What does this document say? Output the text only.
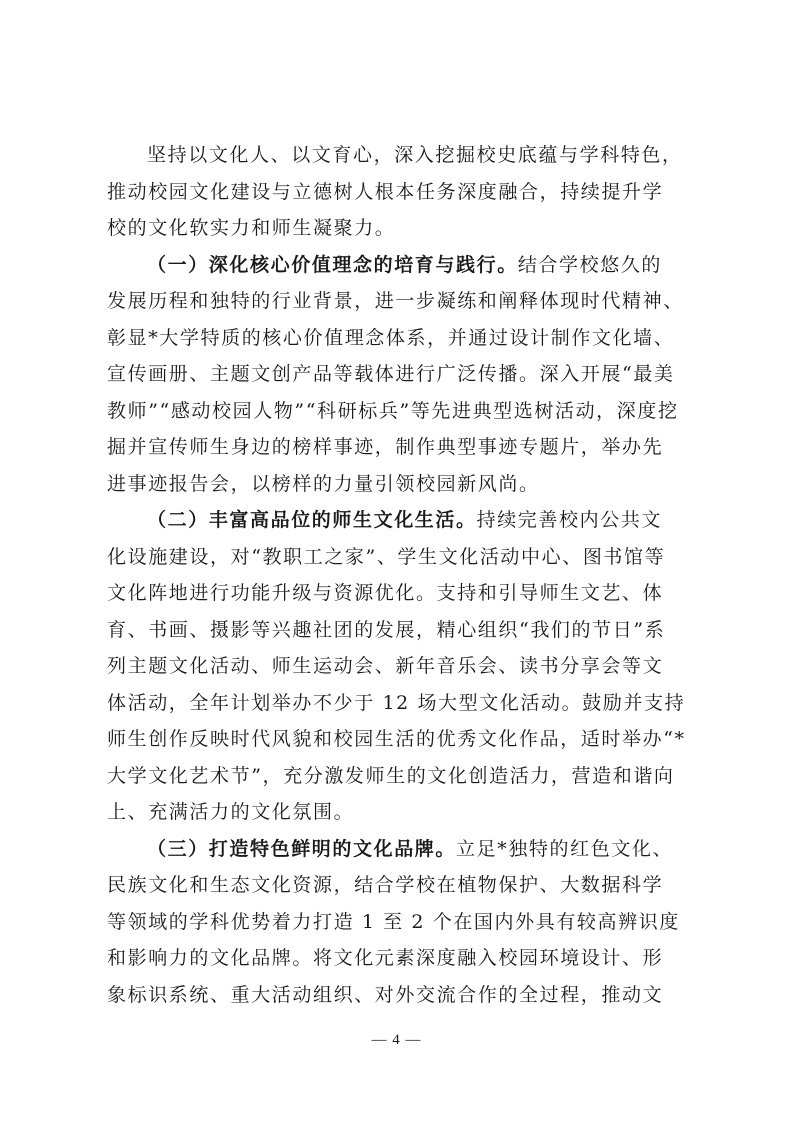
坚持以文化人、以文育心，深入挖掘校史底蕴与学科特色，
推动校园文化建设与立德树人根本任务深度融合，持续提升学
校的文化软实力和师生凝聚力。
（一）深化核心价值理念的培育与践行。结合学校悠久的
发展历程和独特的行业背景，进一步凝练和阐释体现时代精神、
彰显*大学特质的核心价值理念体系，并通过设计制作文化墙、
宣传画册、主题文创产品等载体进行广泛传播。深入开展“最美
教师”“感动校园人物”“科研标兵”等先进典型选树活动，深度挖
掘并宣传师生身边的榜样事迹，制作典型事迹专题片，举办先
进事迹报告会，以榜样的力量引领校园新风尚。
（二）丰富高品位的师生文化生活。持续完善校内公共文
化设施建设，对“教职工之家”、学生文化活动中心、图书馆等
文化阵地进行功能升级与资源优化。支持和引导师生文艺、体
育、书画、摄影等兴趣社团的发展，精心组织“我们的节日”系
列主题文化活动、师生运动会、新年音乐会、读书分享会等文
体活动，全年计划举办不少于 12 场大型文化活动。鼓励并支持
师生创作反映时代风貌和校园生活的优秀文化作品，适时举办“*
大学文化艺术节”，充分激发师生的文化创造活力，营造和谐向
上、充满活力的文化氛围。
（三）打造特色鲜明的文化品牌。立足*独特的红色文化、
民族文化和生态文化资源，结合学校在植物保护、大数据科学
等领域的学科优势着力打造 1 至 2 个在国内外具有较高辨识度
和影响力的文化品牌。将文化元素深度融入校园环境设计、形
象标识系统、重大活动组织、对外交流合作的全过程，推动文
— 4 —
